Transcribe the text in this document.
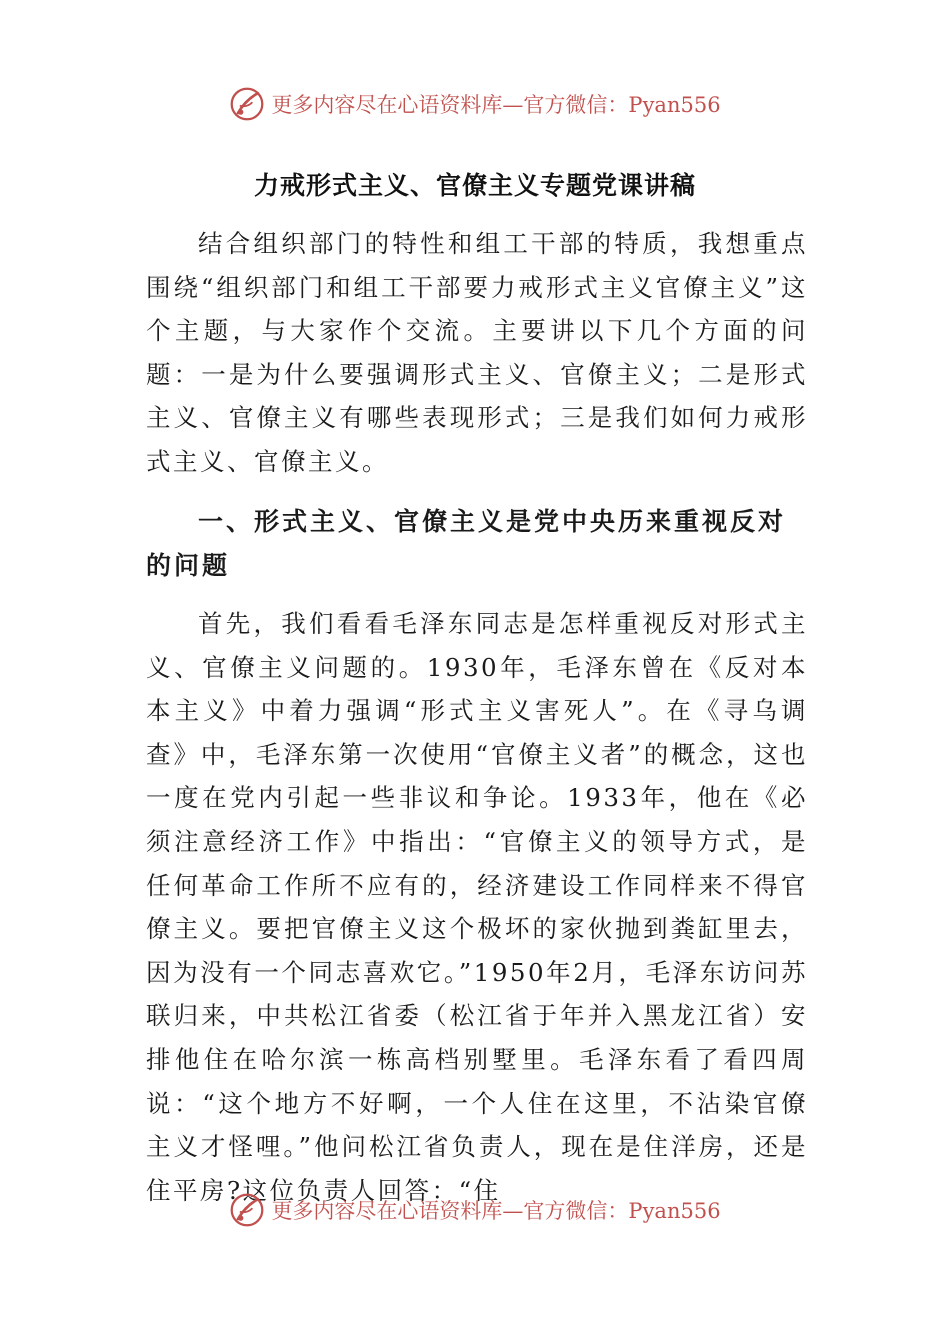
更多内容尽在心语资料库—官方微信：Pyan556
力戒形式主义、官僚主义专题党课讲稿

结合组织部门的特性和组工干部的特质，我想重点围绕“组织部门和组工干部要力戒形式主义官僚主义”这个主题，与大家作个交流。主要讲以下几个方面的问题：一是为什么要强调形式主义、官僚主义；二是形式主义、官僚主义有哪些表现形式；三是我们如何力戒形式主义、官僚主义。

一、形式主义、官僚主义是党中央历来重视反对的问题

首先，我们看看毛泽东同志是怎样重视反对形式主义、官僚主义问题的。1930年，毛泽东曾在《反对本本主义》中着力强调“形式主义害死人”。在《寻乌调查》中，毛泽东第一次使用“官僚主义者”的概念，这也一度在党内引起一些非议和争论。1933年，他在《必须注意经济工作》中指出：“官僚主义的领导方式，是任何革命工作所不应有的，经济建设工作同样来不得官僚主义。要把官僚主义这个极坏的家伙抛到粪缸里去，因为没有一个同志喜欢它。”1950年2月，毛泽东访问苏联归来，中共松江省委（松江省于年并入黑龙江省）安排他住在哈尔滨一栋高档别墅里。毛泽东看了看四周说：“这个地方不好啊，一个人住在这里，不沾染官僚主义才怪哩。”他问松江省负责人，现在是住洋房，还是住平房?这位负责人回答：“住

更多内容尽在心语资料库—官方微信：Pyan556
